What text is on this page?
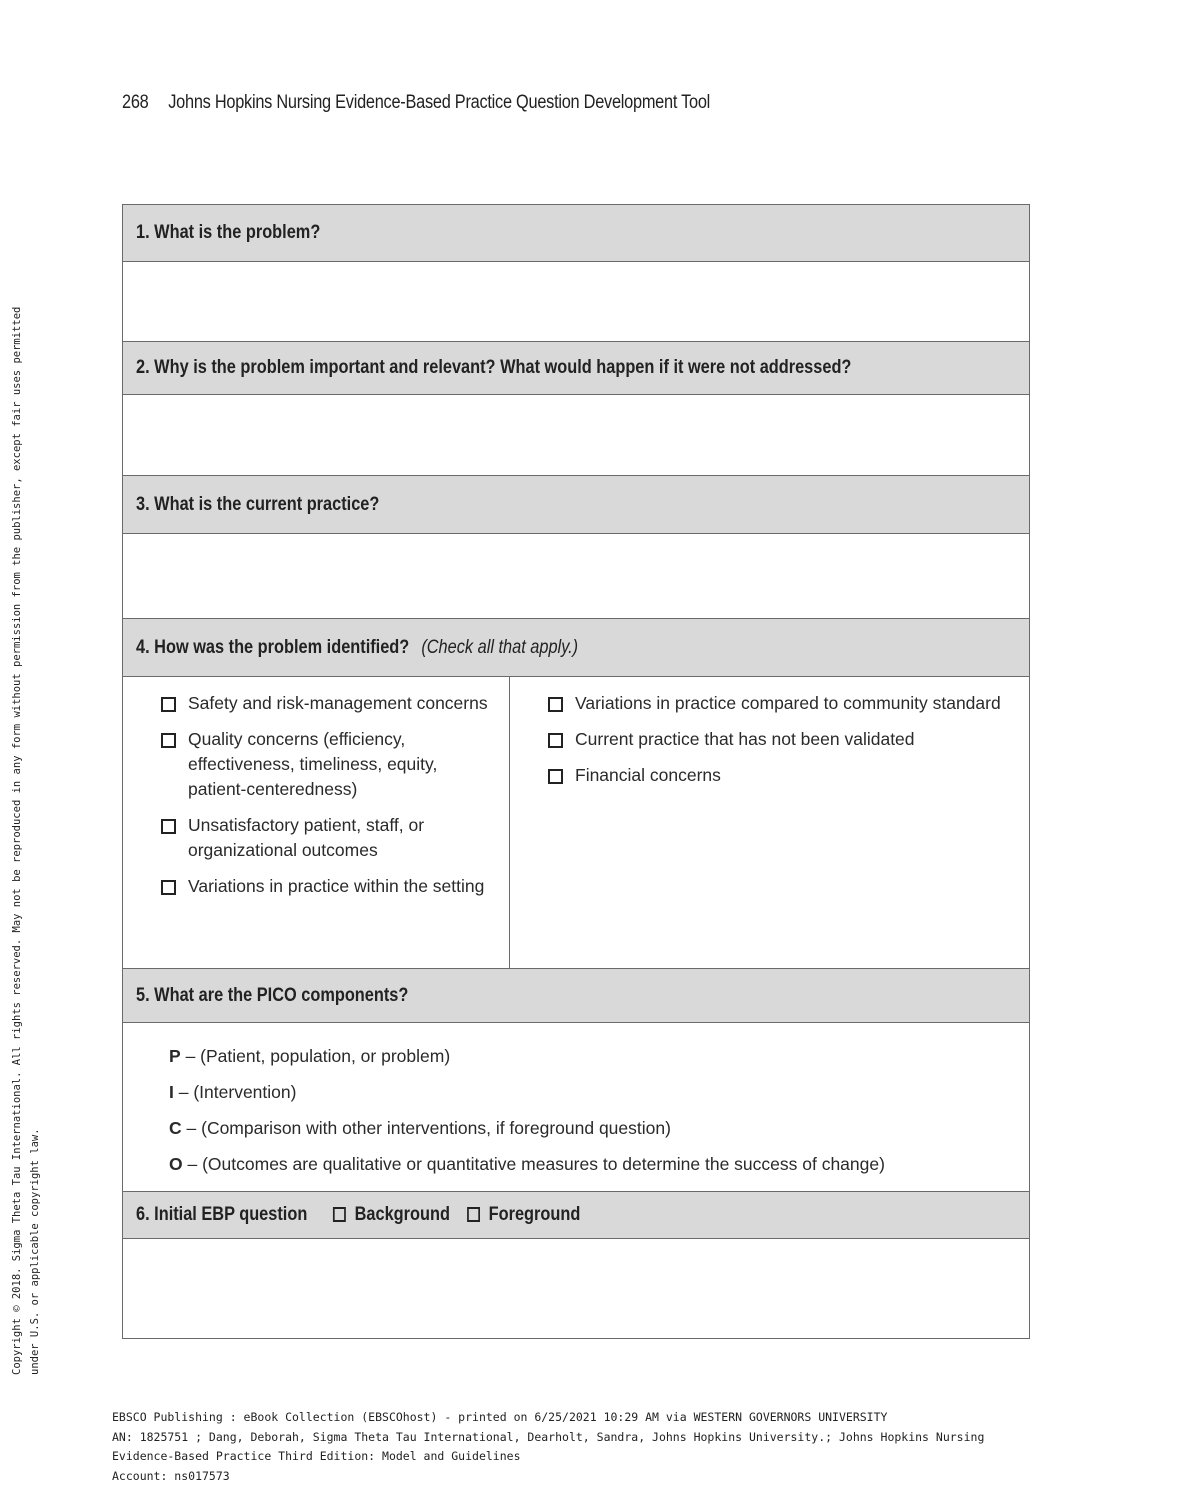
Copyright © 2018. Sigma Theta Tau International. All rights reserved. May not be reproduced in any form without permission from the publisher, except fair uses permitted under U.S. or applicable copyright law.
268 Johns Hopkins Nursing Evidence-Based Practice Question Development Tool
1. What is the problem?
2. Why is the problem important and relevant? What would happen if it were not addressed?
3. What is the current practice?
4. How was the problem identified? (Check all that apply.)
Safety and risk-management concerns
Quality concerns (efficiency, effectiveness, timeliness, equity, patient-centeredness)
Unsatisfactory patient, staff, or organizational outcomes
Variations in practice within the setting
Variations in practice compared to community standard
Current practice that has not been validated
Financial concerns
5. What are the PICO components?
P – (Patient, population, or problem)
I – (Intervention)
C – (Comparison with other interventions, if foreground question)
O – (Outcomes are qualitative or quantitative measures to determine the success of change)
6. Initial EBP question Background Foreground
EBSCO Publishing : eBook Collection (EBSCOhost) - printed on 6/25/2021 10:29 AM via WESTERN GOVERNORS UNIVERSITY
AN: 1825751 ; Dang, Deborah, Sigma Theta Tau International, Dearholt, Sandra, Johns Hopkins University.; Johns Hopkins Nursing
Evidence-Based Practice Third Edition: Model and Guidelines
Account: ns017573
